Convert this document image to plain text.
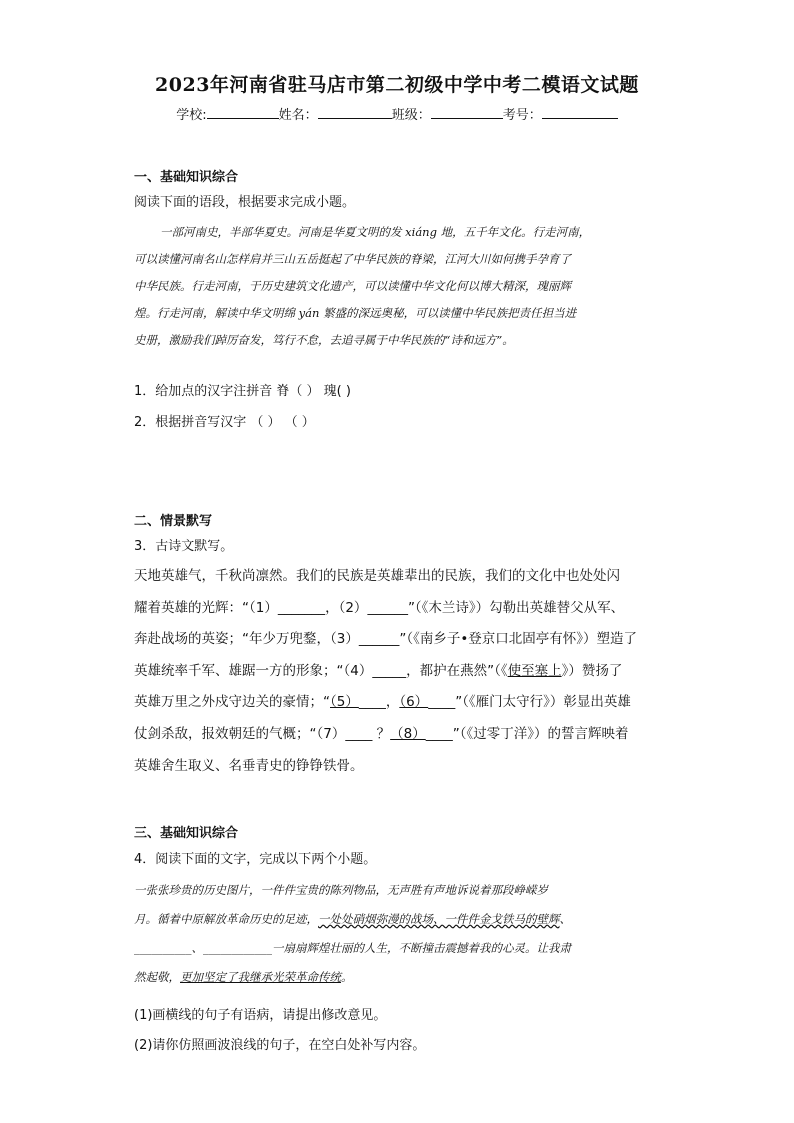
2023年河南省驻马店市第二初级中学中考二模语文试题
学校:	姓名：	班级：	考号：
一、基础知识综合
阅读下面的语段，根据要求完成小题。
一部河南史，半部华夏史。河南是华夏文明的发 xiáng 地，五千年文化。行走河南，
可以读懂河南名山怎样肩并三山五岳挺起了中华民族的脊梁，江河大川如何携手孕育了
中华民族。行走河南，于历史建筑文化遗产，可以读懂中华文化何以博大精深，瑰丽辉
煌。行走河南，解读中华文明绵 yán 繁盛的深远奥秘，可以读懂中华民族把责任担当进
史册，激励我们踔厉奋发，笃行不怠，去追寻属于中华民族的“诗和远方”。
1．给加点的汉字注拼音 脊（ ） 瑰( )
2．根据拼音写汉字 （ ） （ ）
二、情景默写
3．古诗文默写。
天地英雄气，千秋尚凛然。我们的民族是英雄辈出的民族，我们的文化中也处处闪
耀着英雄的光辉：“（1）_______，（2）______”（《木兰诗》）勾勒出英雄替父从军、
奔赴战场的英姿；“年少万兜鍪，（3）______”（《南乡子•登京口北固亭有怀》）塑造了
英雄统率千军、雄踞一方的形象；“（4）_____，都护在燕然”（《使至塞上》）赞扬了
英雄万里之外戍守边关的豪情；“（5）____，（6）____”（《雁门太守行》）彰显出英雄
仗剑杀敌，报效朝廷的气概；“（7）____ ？（8）____”（《过零丁洋》）的誓言辉映着
英雄舍生取义、名垂青史的铮铮铁骨。
三、基础知识综合
4．阅读下面的文字，完成以下两个小题。
一张张珍贵的历史图片，一件件宝贵的陈列物品，无声胜有声地诉说着那段峥嵘岁
月。循着中原解放革命历史的足迹，一处处硝烟弥漫的战场、一件件金戈铁马的壁辉、
__________、____________一扇扇辉煌壮丽的人生，不断撞击震撼着我的心灵。让我肃
然起敬，更加坚定了我继承光荣革命传统。
(1)画横线的句子有语病，请提出修改意见。
(2)请你仿照画波浪线的句子，在空白处补写内容。
